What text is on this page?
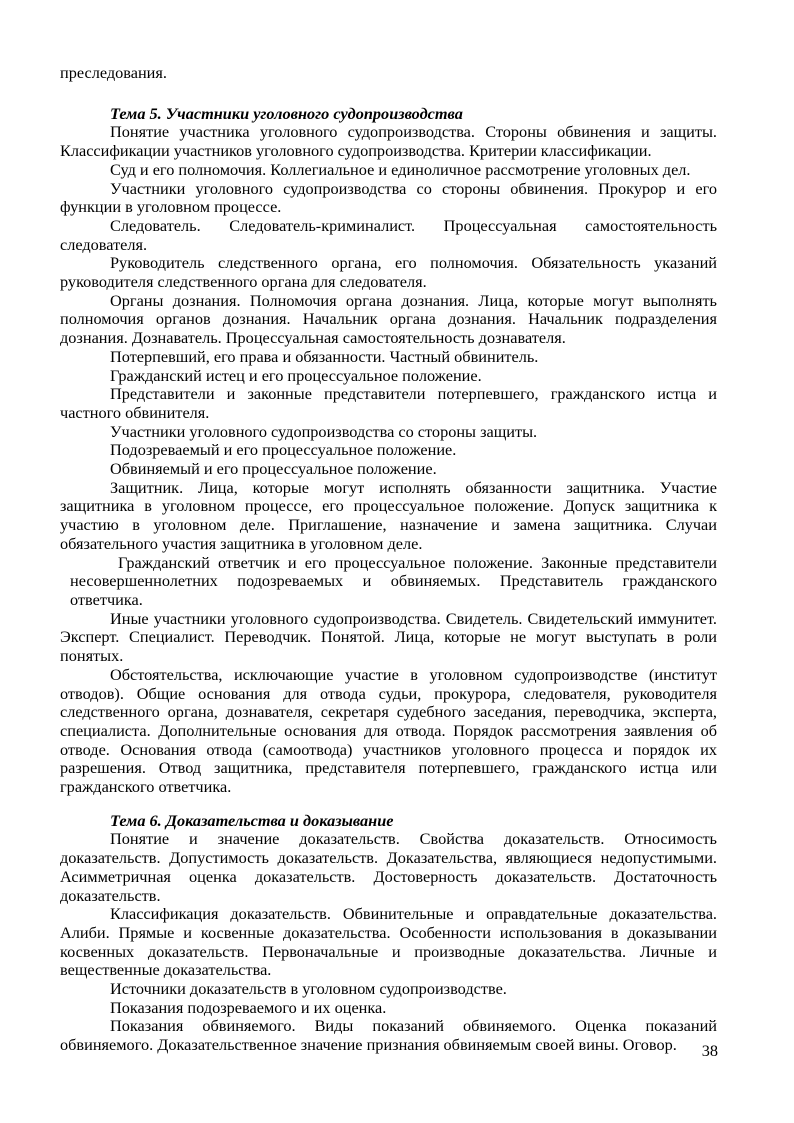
преследования.

Тема 5. Участники уголовного судопроизводства

Понятие участника уголовного судопроизводства. Стороны обвинения и защиты. Классификации участников уголовного судопроизводства. Критерии классификации.

Суд и его полномочия. Коллегиальное и единоличное рассмотрение уголовных дел.

Участники уголовного судопроизводства со стороны обвинения. Прокурор и его функции в уголовном процессе.

Следователь. Следователь-криминалист. Процессуальная самостоятельность следователя.

Руководитель следственного органа, его полномочия. Обязательность указаний руководителя следственного органа для следователя.

Органы дознания. Полномочия органа дознания. Лица, которые могут выполнять полномочия органов дознания. Начальник органа дознания. Начальник подразделения дознания. Дознаватель. Процессуальная самостоятельность дознавателя.

Потерпевший, его права и обязанности. Частный обвинитель.

Гражданский истец и его процессуальное положение.

Представители и законные представители потерпевшего, гражданского истца и частного обвинителя.

Участники уголовного судопроизводства со стороны защиты.

Подозреваемый и его процессуальное положение.

Обвиняемый и его процессуальное положение.

Защитник. Лица, которые могут исполнять обязанности защитника. Участие защитника в уголовном процессе, его процессуальное положение. Допуск защитника к участию в уголовном деле. Приглашение, назначение и замена защитника. Случаи обязательного участия защитника в уголовном деле.

Гражданский ответчик и его процессуальное положение. Законные представители несовершеннолетних подозреваемых и обвиняемых. Представитель гражданского ответчика.

Иные участники уголовного судопроизводства. Свидетель. Свидетельский иммунитет. Эксперт. Специалист. Переводчик. Понятой. Лица, которые не могут выступать в роли понятых.

Обстоятельства, исключающие участие в уголовном судопроизводстве (институт отводов). Общие основания для отвода судьи, прокурора, следователя, руководителя следственного органа, дознавателя, секретаря судебного заседания, переводчика, эксперта, специалиста. Дополнительные основания для отвода. Порядок рассмотрения заявления об отводе. Основания отвода (самоотвода) участников уголовного процесса и порядок их разрешения. Отвод защитника, представителя потерпевшего, гражданского истца или гражданского ответчика.

Тема 6. Доказательства и доказывание

Понятие и значение доказательств. Свойства доказательств. Относимость доказательств. Допустимость доказательств. Доказательства, являющиеся недопустимыми. Асимметричная оценка доказательств. Достоверность доказательств. Достаточность доказательств.

Классификация доказательств. Обвинительные и оправдательные доказательства. Алиби. Прямые и косвенные доказательства. Особенности использования в доказывании косвенных доказательств. Первоначальные и производные доказательства. Личные и вещественные доказательства.

Источники доказательств в уголовном судопроизводстве.

Показания подозреваемого и их оценка.

Показания обвиняемого. Виды показаний обвиняемого. Оценка показаний обвиняемого. Доказательственное значение признания обвиняемым своей вины. Оговор.	38
